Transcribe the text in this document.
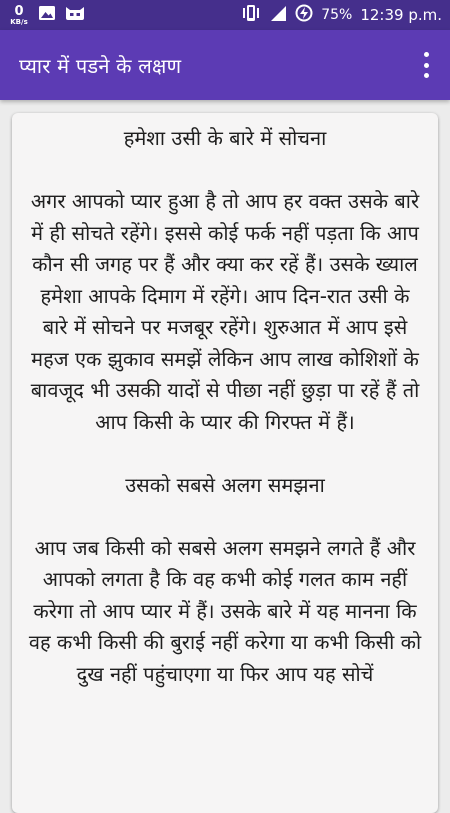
0
KB/s	75% 12:39 p.m.
प्यार में पडने के लक्षण

हमेशा उसी के बारे में सोचना

अगर आपको प्यार हुआ है तो आप हर वक्त उसके बारे में ही सोचते रहेंगे। इससे कोई फर्क नहीं पड़ता कि आप कौन सी जगह पर हैं और क्या कर रहें हैं। उसके ख्याल हमेशा आपके दिमाग में रहेंगे। आप दिन-रात उसी के बारे में सोचने पर मजबूर रहेंगे। शुरुआत में आप इसे महज एक झुकाव समझें लेकिन आप लाख कोशिशों के बावजूद भी उसकी यादों से पीछा नहीं छुड़ा पा रहें हैं तो आप किसी के प्यार की गिरफ्त में हैं।

उसको सबसे अलग समझना

आप जब किसी को सबसे अलग समझने लगते हैं और आपको लगता है कि वह कभी कोई गलत काम नहीं करेगा तो आप प्यार में हैं। उसके बारे में यह मानना कि वह कभी किसी की बुराई नहीं करेगा या कभी किसी को दुख नहीं पहुंचाएगा या फिर आप यह सोचें
